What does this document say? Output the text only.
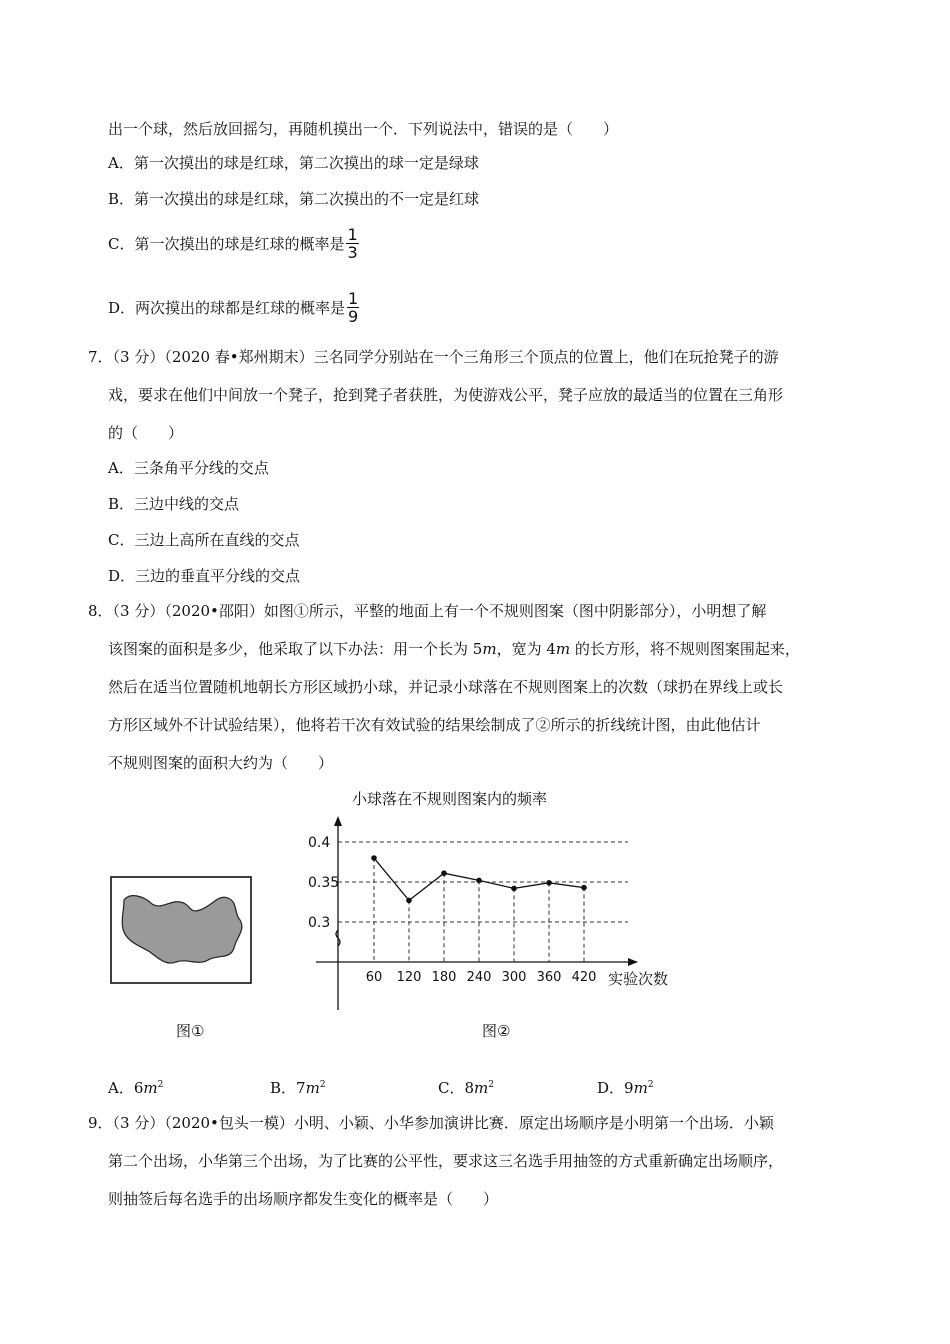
出一个球，然后放回摇匀，再随机摸出一个．下列说法中，错误的是（　　）
A．第一次摸出的球是红球，第二次摸出的球一定是绿球
B．第一次摸出的球是红球，第二次摸出的不一定是红球
C．第一次摸出的球是红球的概率是 $\frac{1}{3}$
D．两次摸出的球都是红球的概率是 $\frac{1}{9}$
7．（3 分）（2020 春•郑州期末）三名同学分别站在一个三角形三个顶点的位置上，他们在玩抢凳子的游
戏，要求在他们中间放一个凳子，抢到凳子者获胜，为使游戏公平，凳子应放的最适当的位置在三角形
的（　　）
A．三条角平分线的交点
B．三边中线的交点
C．三边上高所在直线的交点
D．三边的垂直平分线的交点
8．（3 分）（2020•邵阳）如图①所示，平整的地面上有一个不规则图案（图中阴影部分），小明想了解
该图案的面积是多少，他采取了以下办法：用一个长为 5m，宽为 4m 的长方形，将不规则图案围起来，
然后在适当位置随机地朝长方形区域扔小球，并记录小球落在不规则图案上的次数（球扔在界线上或长
方形区域外不计试验结果），他将若干次有效试验的结果绘制成了②所示的折线统计图，由此他估计
不规则图案的面积大约为（　　）
图①
小球落在不规则图案内的频率
0.4
0.35
0.3
60 120 180 240 300 360 420 实验次数
图②
A．$6m^2$	B．$7m^2$	C．$8m^2$	D．$9m^2$
9．（3 分）（2020•包头一模）小明、小颖、小华参加演讲比赛．原定出场顺序是小明第一个出场．小颖
第二个出场，小华第三个出场，为了比赛的公平性，要求这三名选手用抽签的方式重新确定出场顺序，
则抽签后每名选手的出场顺序都发生变化的概率是（　　）
